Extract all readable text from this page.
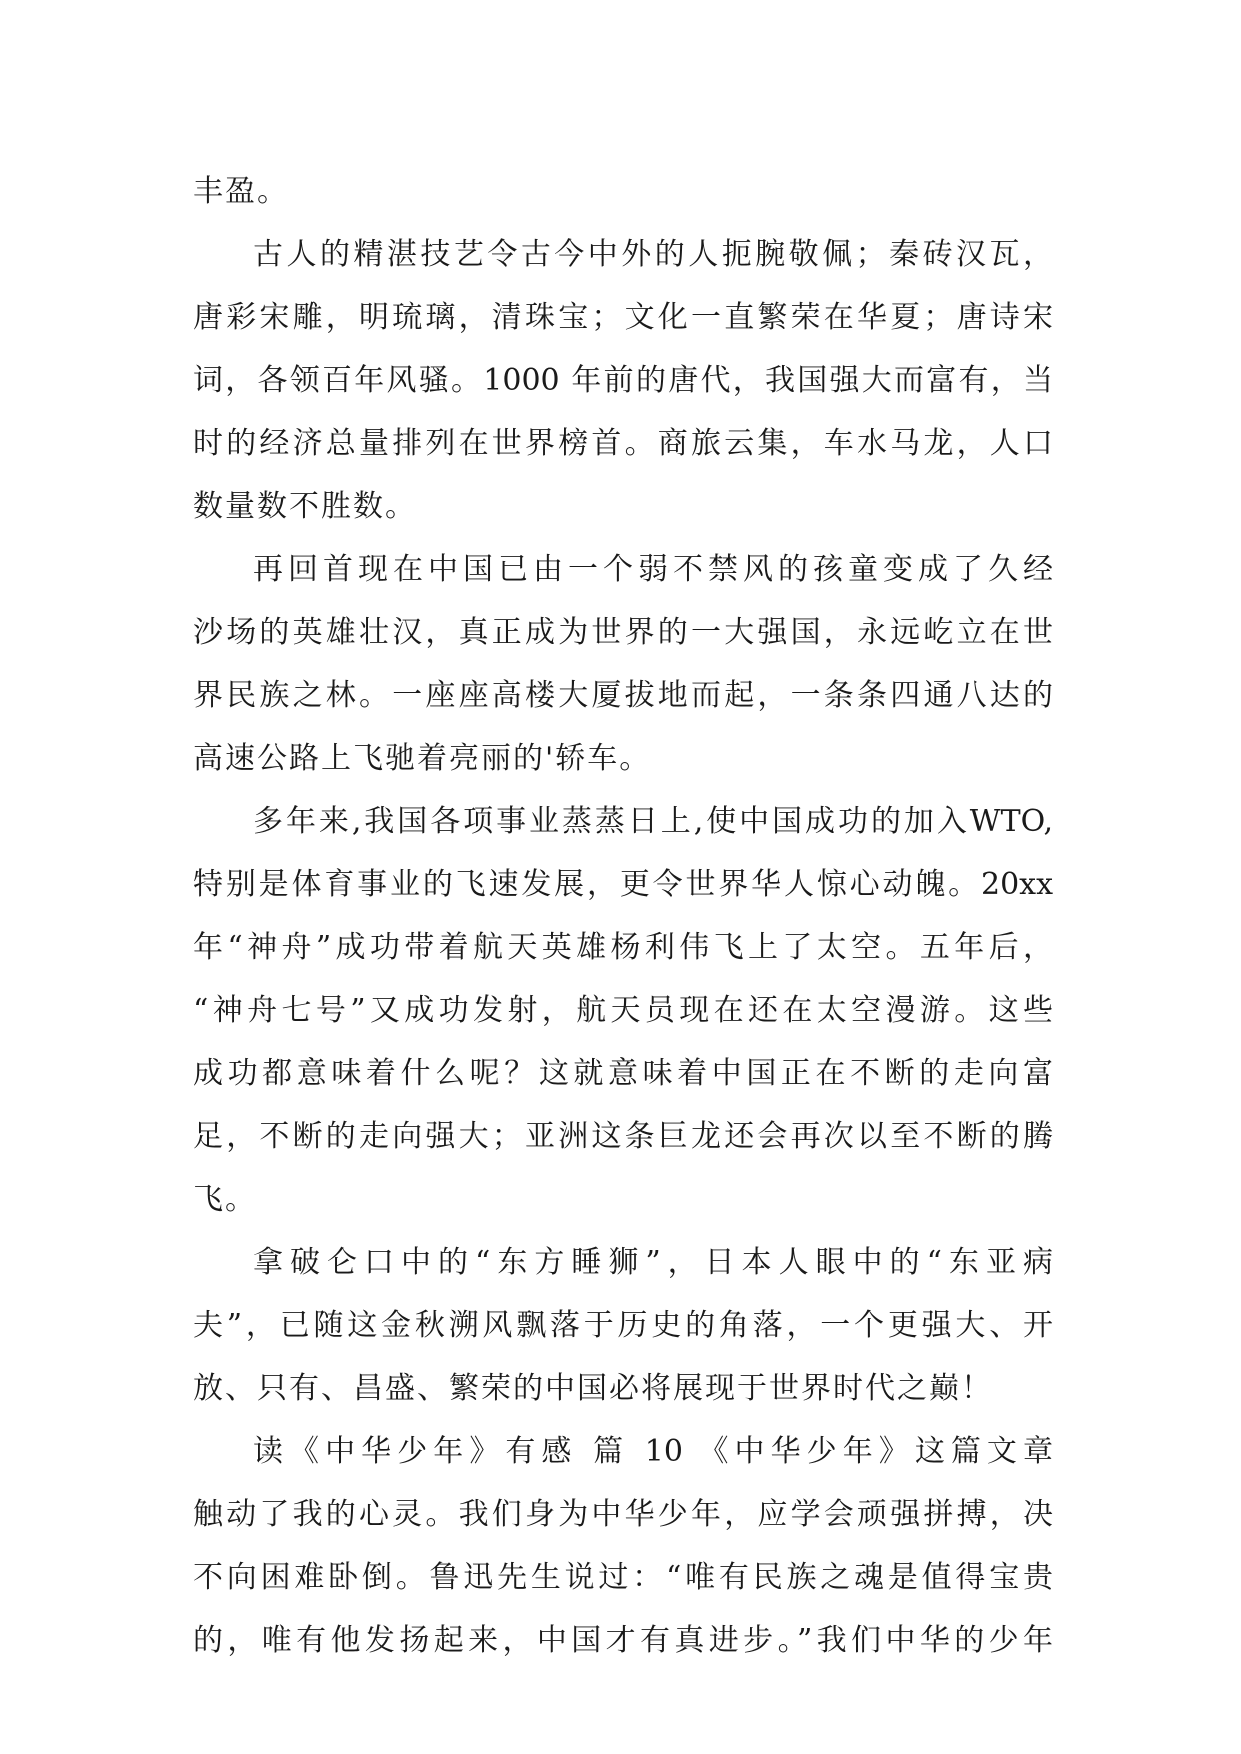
丰盈。
古人的精湛技艺令古今中外的人扼腕敬佩；秦砖汉瓦，
唐彩宋雕，明琉璃，清珠宝；文化一直繁荣在华夏；唐诗宋
词，各领百年风骚。1000 年前的唐代，我国强大而富有，当
时的经济总量排列在世界榜首。商旅云集，车水马龙，人口
数量数不胜数。
再回首现在中国已由一个弱不禁风的孩童变成了久经
沙场的英雄壮汉，真正成为世界的一大强国，永远屹立在世
界民族之林。一座座高楼大厦拔地而起，一条条四通八达的
高速公路上飞驰着亮丽的'轿车。
多年来,我国各项事业蒸蒸日上,使中国成功的加入WTO,
特别是体育事业的飞速发展，更令世界华人惊心动魄。20xx
年“神舟”成功带着航天英雄杨利伟飞上了太空。五年后，
“神舟七号”又成功发射，航天员现在还在太空漫游。这些
成功都意味着什么呢？这就意味着中国正在不断的走向富
足，不断的走向强大；亚洲这条巨龙还会再次以至不断的腾
飞。
拿破仑口中的“东方睡狮”，日本人眼中的“东亚病
夫”，已随这金秋溯风飘落于历史的角落，一个更强大、开
放、只有、昌盛、繁荣的中国必将展现于世界时代之巅！
读《中华少年》有感 篇 10 《中华少年》这篇文章
触动了我的心灵。我们身为中华少年，应学会顽强拼搏，决
不向困难卧倒。鲁迅先生说过：“唯有民族之魂是值得宝贵
的，唯有他发扬起来，中国才有真进步。”我们中华的少年
